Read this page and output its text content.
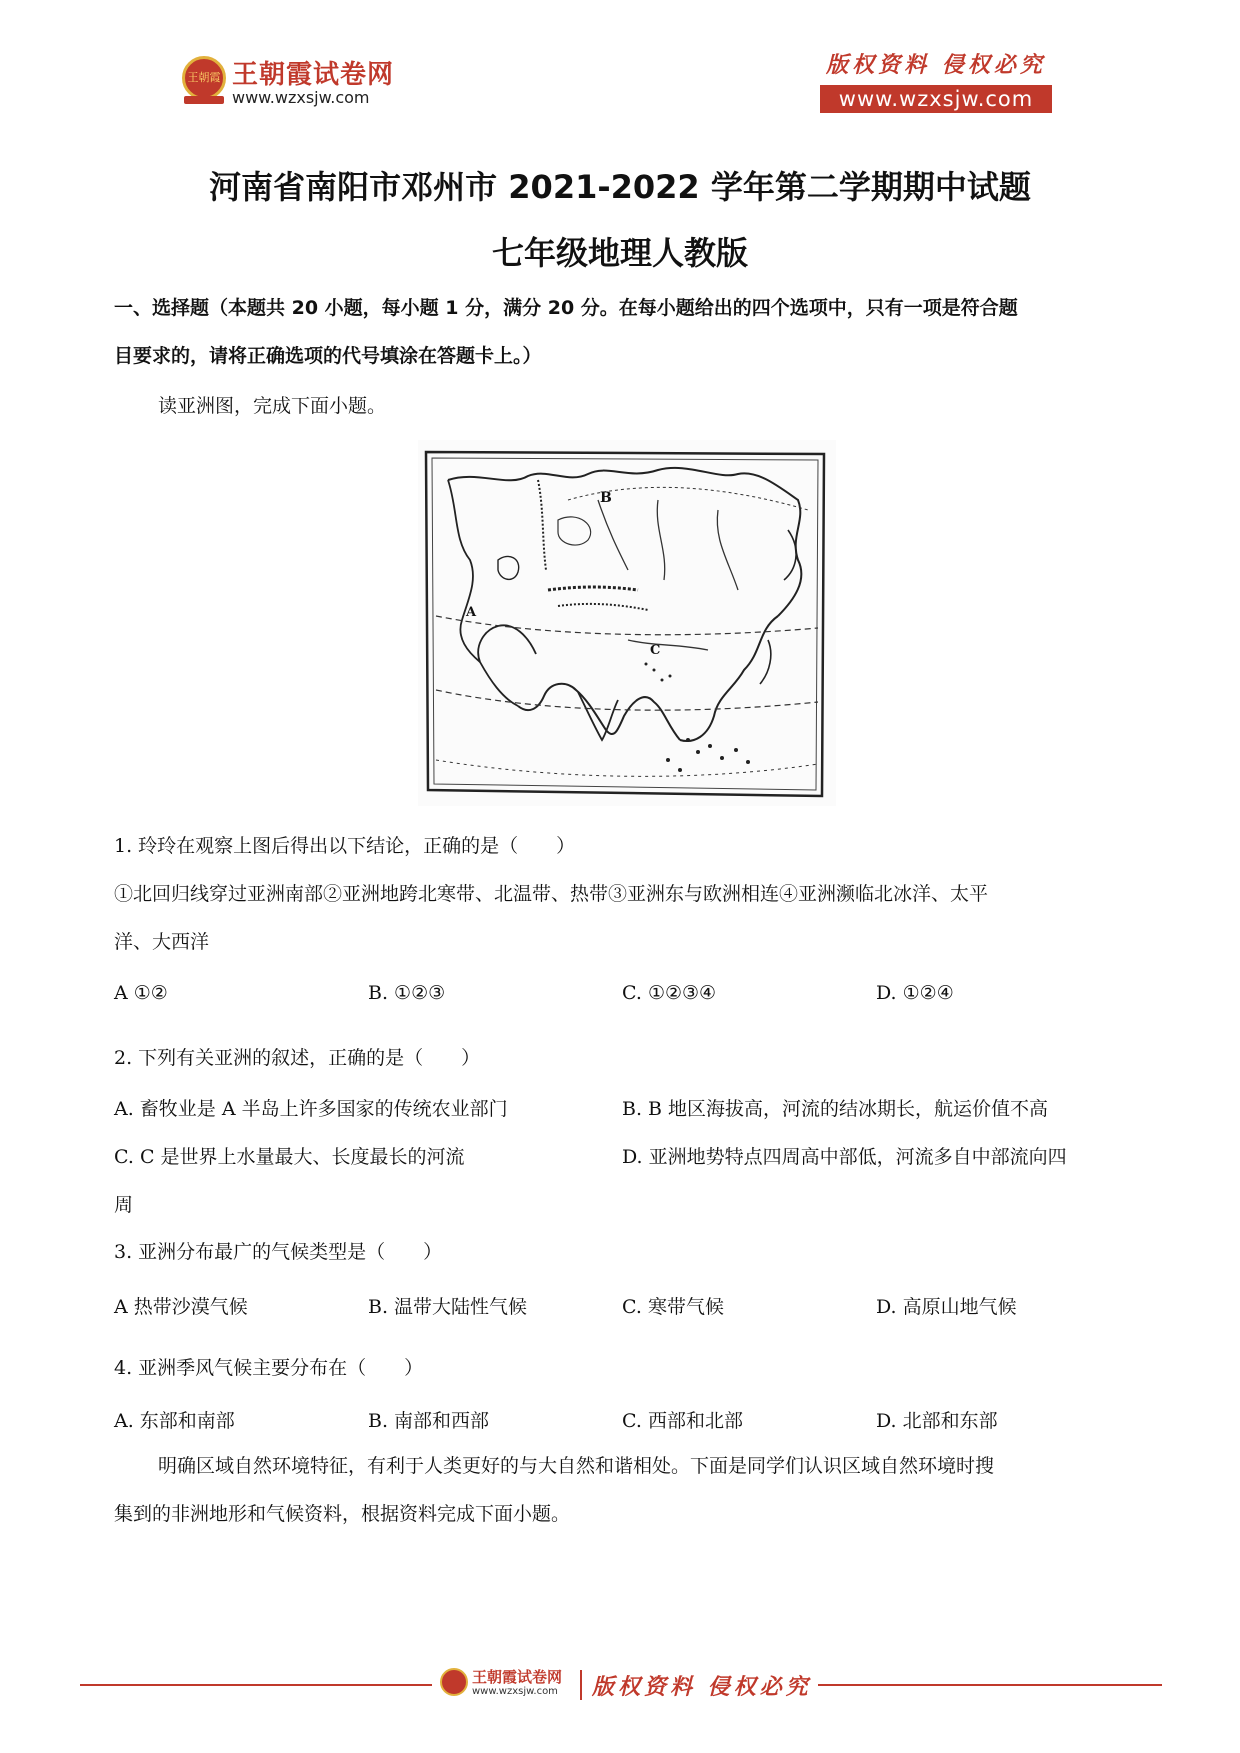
王朝霞 王朝霞试卷网
www.wzxsjw.com
版权资料 侵权必究
www.wzxsjw.com
河南省南阳市邓州市 2021-2022 学年第二学期期中试题
七年级地理人教版
一、选择题（本题共 20 小题，每小题 1 分，满分 20 分。在每小题给出的四个选项中，只有一项是符合题
目要求的，请将正确选项的代号填涂在答题卡上。）
读亚洲图，完成下面小题。
B
A
C
1. 玲玲在观察上图后得出以下结论，正确的是（　　）
①北回归线穿过亚洲南部②亚洲地跨北寒带、北温带、热带③亚洲东与欧洲相连④亚洲濒临北冰洋、太平
洋、大西洋
A ①②	B. ①②③	C. ①②③④	D. ①②④
2. 下列有关亚洲的叙述，正确的是（　　）
A. 畜牧业是 A 半岛上许多国家的传统农业部门	B. B 地区海拔高，河流的结冰期长，航运价值不高
C. C 是世界上水量最大、长度最长的河流	D. 亚洲地势特点四周高中部低，河流多自中部流向四
周
3. 亚洲分布最广的气候类型是（　　）
A 热带沙漠气候	B. 温带大陆性气候	C. 寒带气候	D. 高原山地气候
4. 亚洲季风气候主要分布在（　　）
A. 东部和南部	B. 南部和西部	C. 西部和北部	D. 北部和东部
明确区域自然环境特征，有利于人类更好的与大自然和谐相处。下面是同学们认识区域自然环境时搜
集到的非洲地形和气候资料，根据资料完成下面小题。
王朝霞试卷网
www.wzxsjw.com 版权资料 侵权必究
